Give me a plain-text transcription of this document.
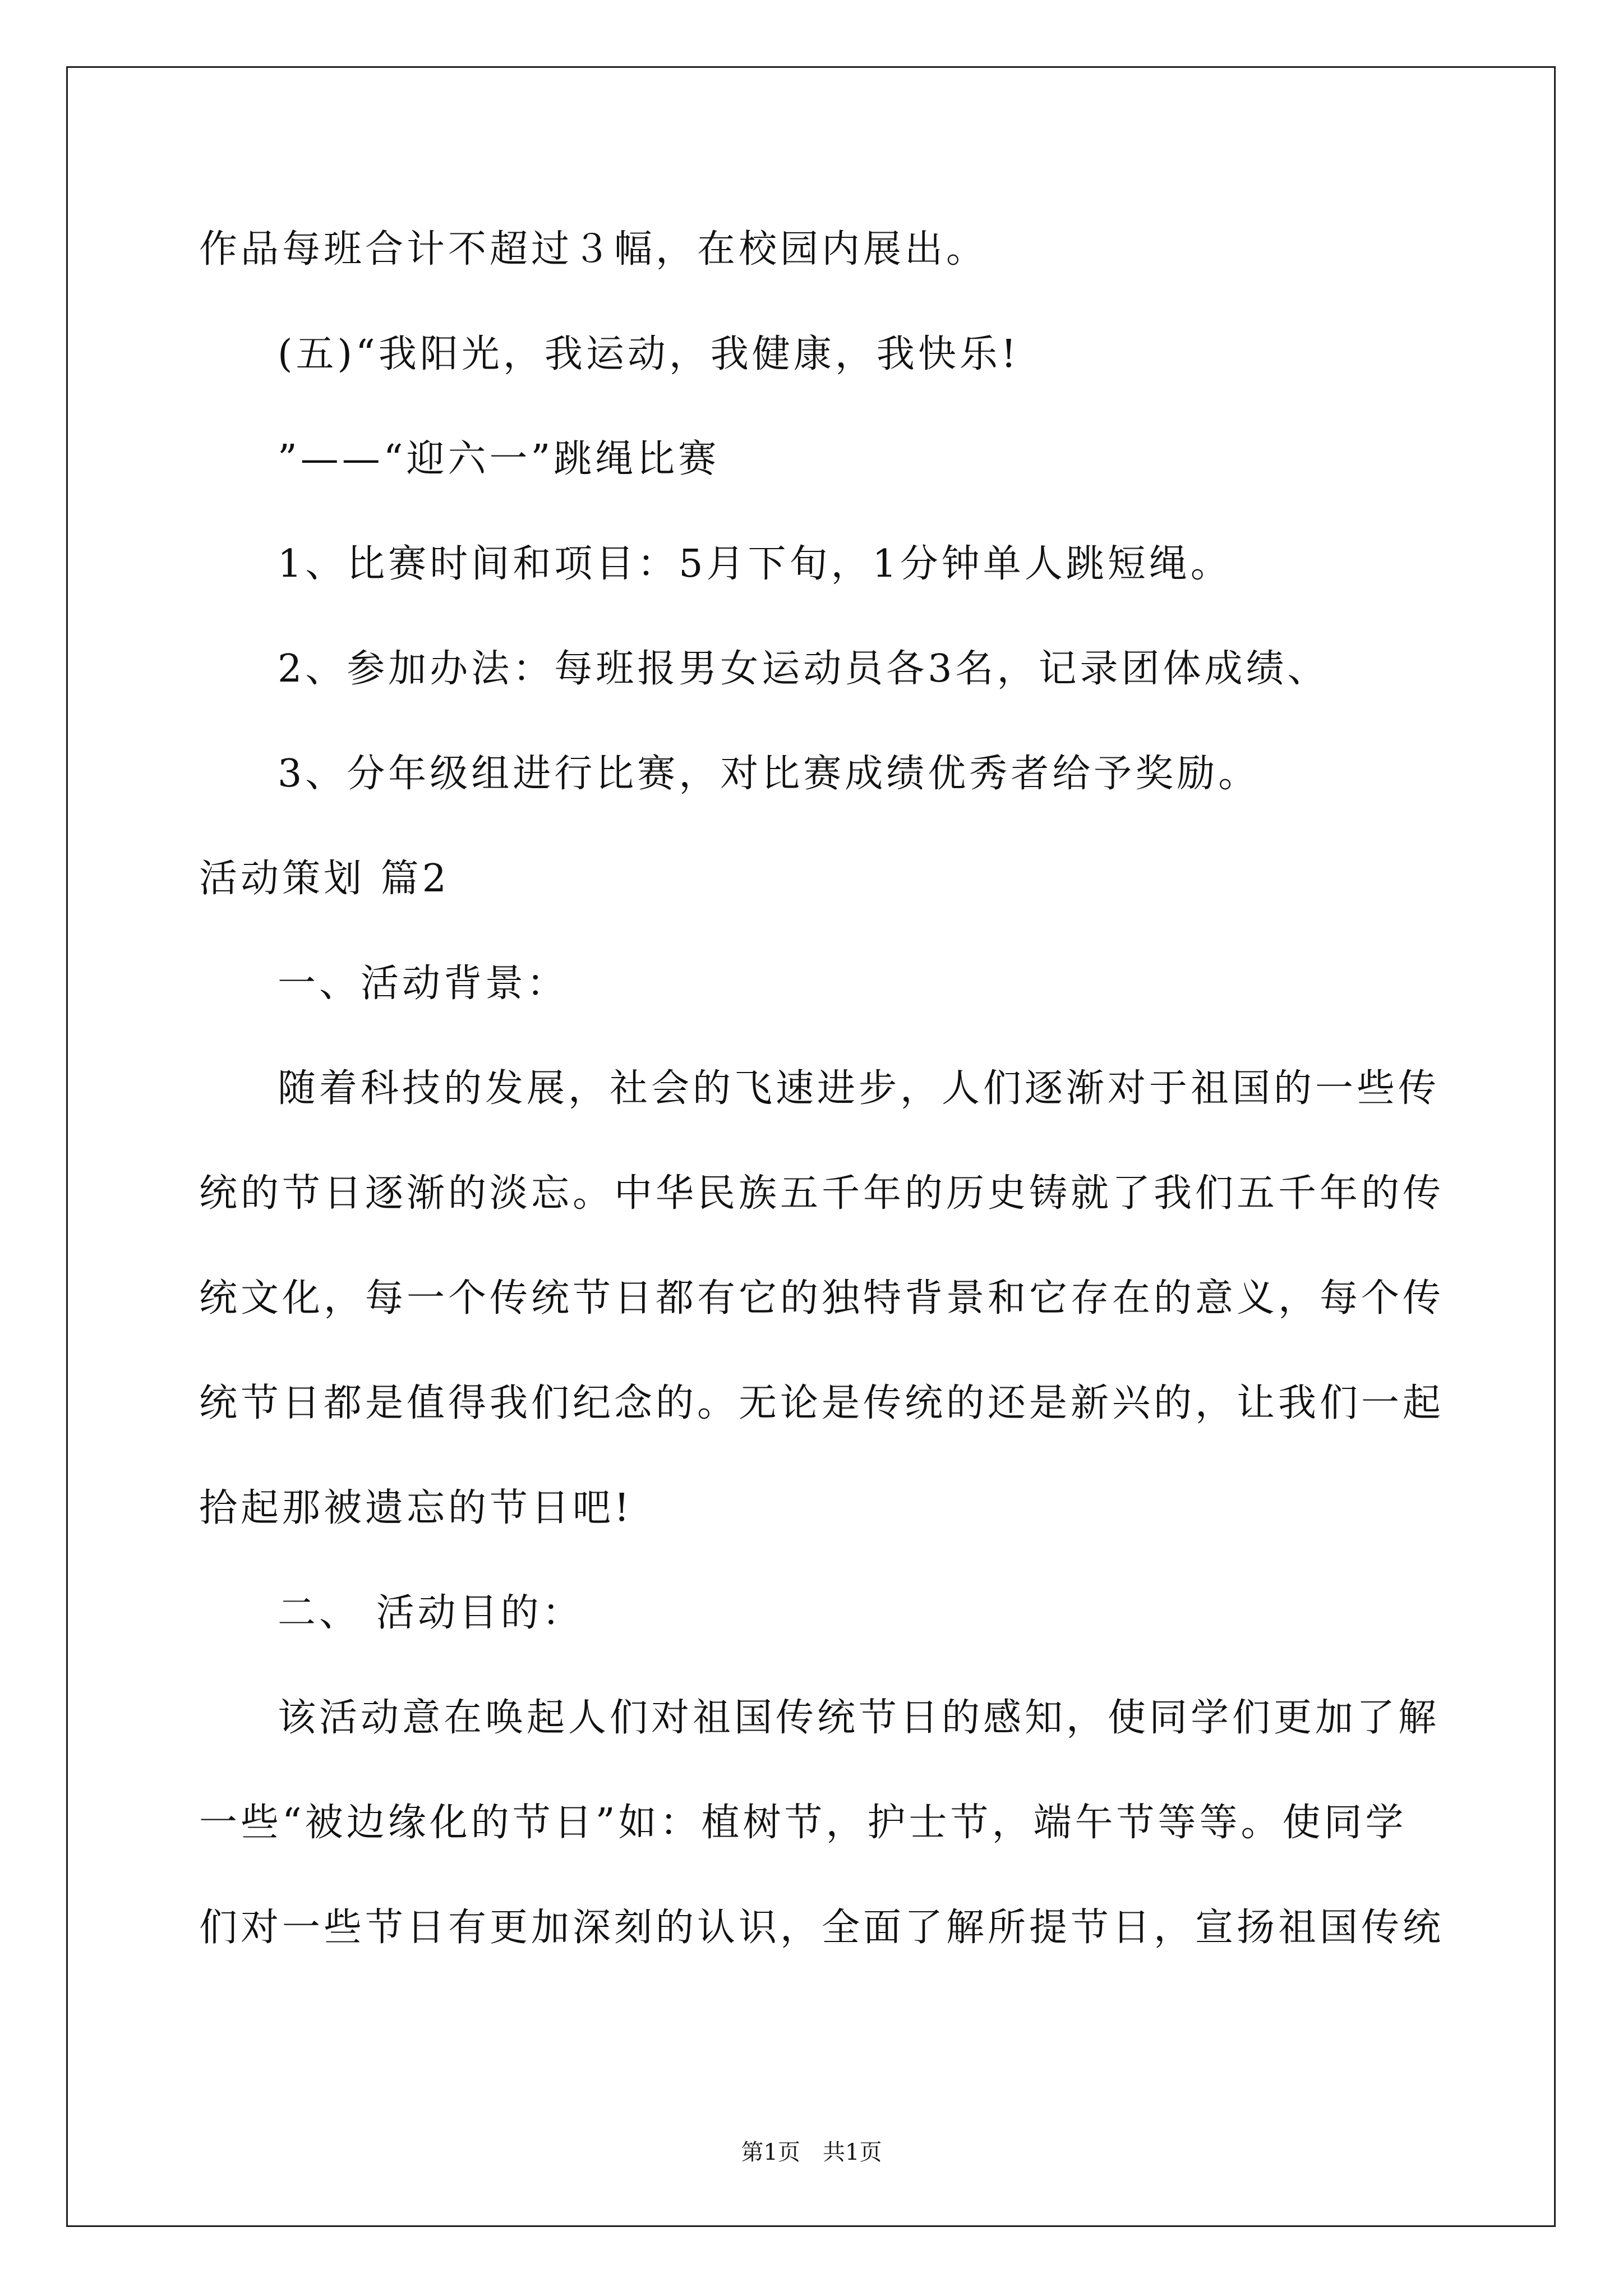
作品每班合计不超过３幅，在校园内展出。
(五)“我阳光，我运动，我健康，我快乐!
”——“迎六一”跳绳比赛
1、比赛时间和项目：5月下旬，1分钟单人跳短绳。
2、参加办法：每班报男女运动员各3名，记录团体成绩、
3、分年级组进行比赛，对比赛成绩优秀者给予奖励。
活动策划 篇2
一、活动背景：
随着科技的发展，社会的飞速进步，人们逐渐对于祖国的一些传
统的节日逐渐的淡忘。中华民族五千年的历史铸就了我们五千年的传
统文化，每一个传统节日都有它的独特背景和它存在的意义，每个传
统节日都是值得我们纪念的。无论是传统的还是新兴的，让我们一起
拾起那被遗忘的节日吧!
二、 活动目的：
该活动意在唤起人们对祖国传统节日的感知，使同学们更加了解
一些“被边缘化的节日”如：植树节，护士节，端午节等等。使同学
们对一些节日有更加深刻的认识，全面了解所提节日，宣扬祖国传统
第1页　共1页
